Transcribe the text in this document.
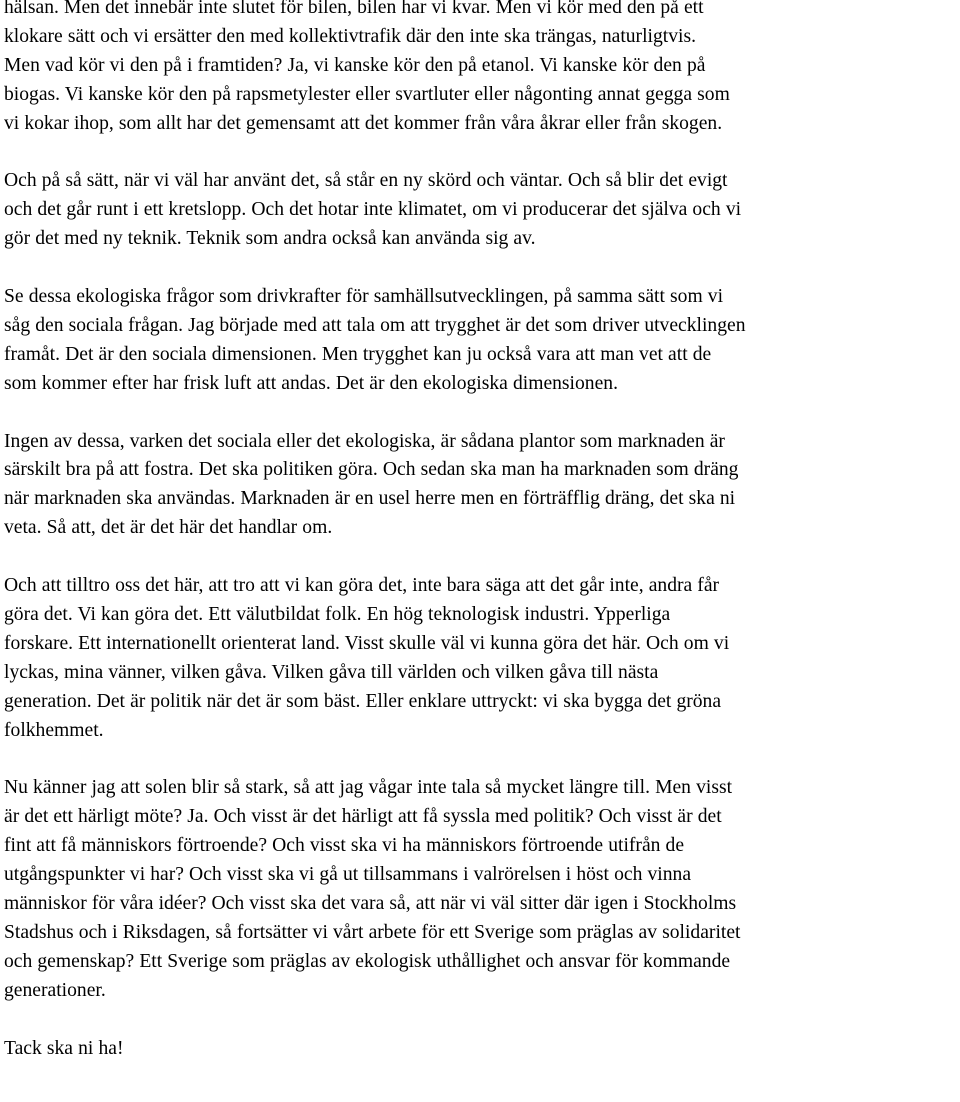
hälsan. Men det innebär inte slutet för bilen, bilen har vi kvar. Men vi kör med den på ett
klokare sätt och vi ersätter den med kollektivtrafik där den inte ska trängas, naturligtvis.
Men vad kör vi den på i framtiden? Ja, vi kanske kör den på etanol. Vi kanske kör den på
biogas. Vi kanske kör den på rapsmetylester eller svartluter eller någonting annat gegga som
vi kokar ihop, som allt har det gemensamt att det kommer från våra åkrar eller från skogen.

Och på så sätt, när vi väl har använt det, så står en ny skörd och väntar. Och så blir det evigt
och det går runt i ett kretslopp. Och det hotar inte klimatet, om vi producerar det själva och vi
gör det med ny teknik. Teknik som andra också kan använda sig av.

Se dessa ekologiska frågor som drivkrafter för samhällsutvecklingen, på samma sätt som vi
såg den sociala frågan. Jag började med att tala om att trygghet är det som driver utvecklingen
framåt. Det är den sociala dimensionen. Men trygghet kan ju också vara att man vet att de
som kommer efter har frisk luft att andas. Det är den ekologiska dimensionen.

Ingen av dessa, varken det sociala eller det ekologiska, är sådana plantor som marknaden är
särskilt bra på att fostra. Det ska politiken göra. Och sedan ska man ha marknaden som dräng
när marknaden ska användas. Marknaden är en usel herre men en förträfflig dräng, det ska ni
veta. Så att, det är det här det handlar om.

Och att tilltro oss det här, att tro att vi kan göra det, inte bara säga att det går inte, andra får
göra det. Vi kan göra det. Ett välutbildat folk. En hög teknologisk industri. Ypperliga
forskare. Ett internationellt orienterat land. Visst skulle väl vi kunna göra det här. Och om vi
lyckas, mina vänner, vilken gåva. Vilken gåva till världen och vilken gåva till nästa
generation. Det är politik när det är som bäst. Eller enklare uttryckt: vi ska bygga det gröna
folkhemmet.

Nu känner jag att solen blir så stark, så att jag vågar inte tala så mycket längre till. Men visst
är det ett härligt möte? Ja. Och visst är det härligt att få syssla med politik? Och visst är det
fint att få människors förtroende? Och visst ska vi ha människors förtroende utifrån de
utgångspunkter vi har? Och visst ska vi gå ut tillsammans i valrörelsen i höst och vinna
människor för våra idéer? Och visst ska det vara så, att när vi väl sitter där igen i Stockholms
Stadshus och i Riksdagen, så fortsätter vi vårt arbete för ett Sverige som präglas av solidaritet
och gemenskap? Ett Sverige som präglas av ekologisk uthållighet och ansvar för kommande
generationer.

Tack ska ni ha!
